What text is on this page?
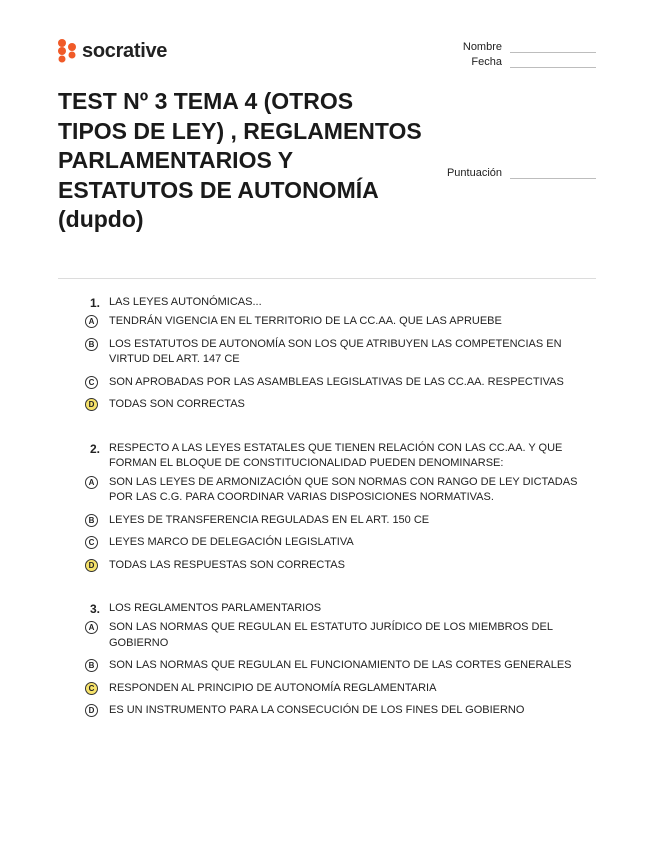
socrative	Nombre
Fecha
Puntuación
TEST Nº 3 TEMA 4 (OTROS TIPOS DE LEY) , REGLAMENTOS PARLAMENTARIOS Y ESTATUTOS DE AUTONOMÍA (dupdo)
1. LAS LEYES AUTONÓMICAS...
A	TENDRÁN VIGENCIA EN EL TERRITORIO DE LA CC.AA. QUE LAS APRUEBE
B	LOS ESTATUTOS DE AUTONOMÍA SON LOS QUE ATRIBUYEN LAS COMPETENCIAS EN VIRTUD DEL ART. 147 CE
C	SON APROBADAS POR LAS ASAMBLEAS LEGISLATIVAS DE LAS CC.AA. RESPECTIVAS
D	TODAS SON CORRECTAS
2. RESPECTO A LAS LEYES ESTATALES QUE TIENEN RELACIÓN CON LAS CC.AA. Y QUE FORMAN EL BLOQUE DE CONSTITUCIONALIDAD PUEDEN DENOMINARSE:
A	SON LAS LEYES DE ARMONIZACIÓN QUE SON NORMAS CON RANGO DE LEY DICTADAS POR LAS C.G. PARA COORDINAR VARIAS DISPOSICIONES NORMATIVAS.
B	LEYES DE TRANSFERENCIA REGULADAS EN EL ART. 150 CE
C	LEYES MARCO DE DELEGACIÓN LEGISLATIVA
D	TODAS LAS RESPUESTAS SON CORRECTAS
3. LOS REGLAMENTOS PARLAMENTARIOS
A	SON LAS NORMAS QUE REGULAN EL ESTATUTO JURÍDICO DE LOS MIEMBROS DEL GOBIERNO
B	SON LAS NORMAS QUE REGULAN EL FUNCIONAMIENTO DE LAS CORTES GENERALES
C	RESPONDEN AL PRINCIPIO DE AUTONOMÍA REGLAMENTARIA
D	ES UN INSTRUMENTO PARA LA CONSECUCIÓN DE LOS FINES DEL GOBIERNO
